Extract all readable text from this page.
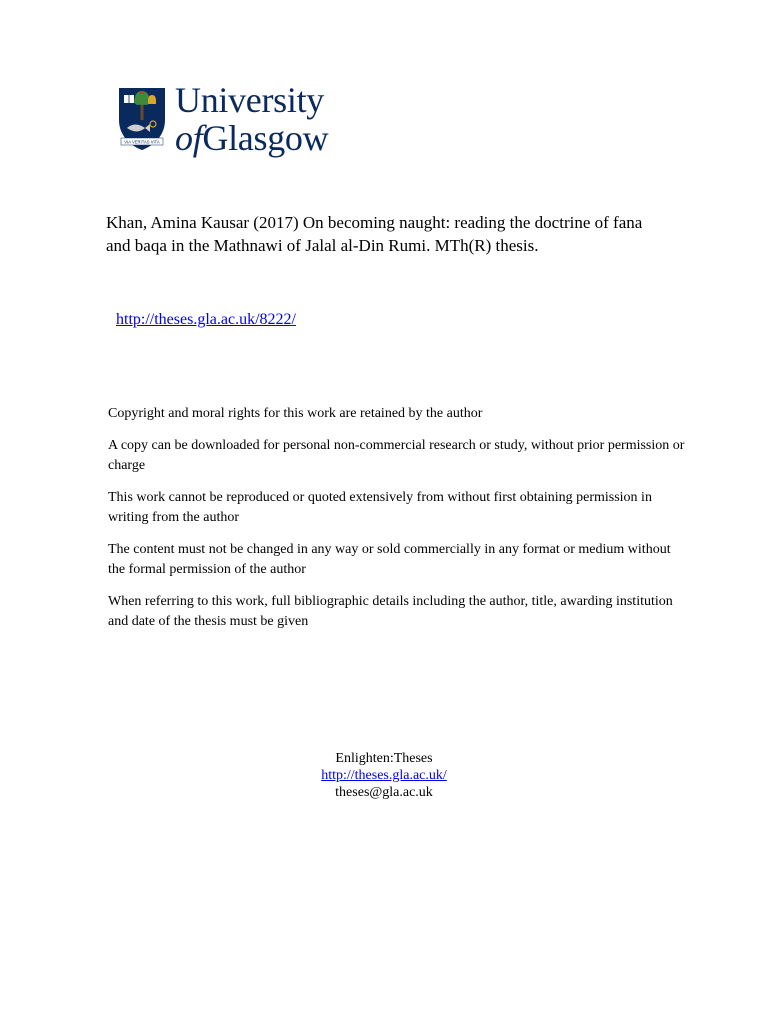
VIA VERITAS VITA
University
ofGlasgow
Khan, Amina Kausar (2017) On becoming naught: reading the doctrine of fana and baqa in the Mathnawi of Jalal al-Din Rumi. MTh(R) thesis.
http://theses.gla.ac.uk/8222/

Copyright and moral rights for this work are retained by the author

A copy can be downloaded for personal non-commercial research or study, without prior permission or charge

This work cannot be reproduced or quoted extensively from without first obtaining permission in writing from the author

The content must not be changed in any way or sold commercially in any format or medium without the formal permission of the author

When referring to this work, full bibliographic details including the author, title, awarding institution and date of the thesis must be given

Enlighten:Theses
http://theses.gla.ac.uk/
theses@gla.ac.uk
